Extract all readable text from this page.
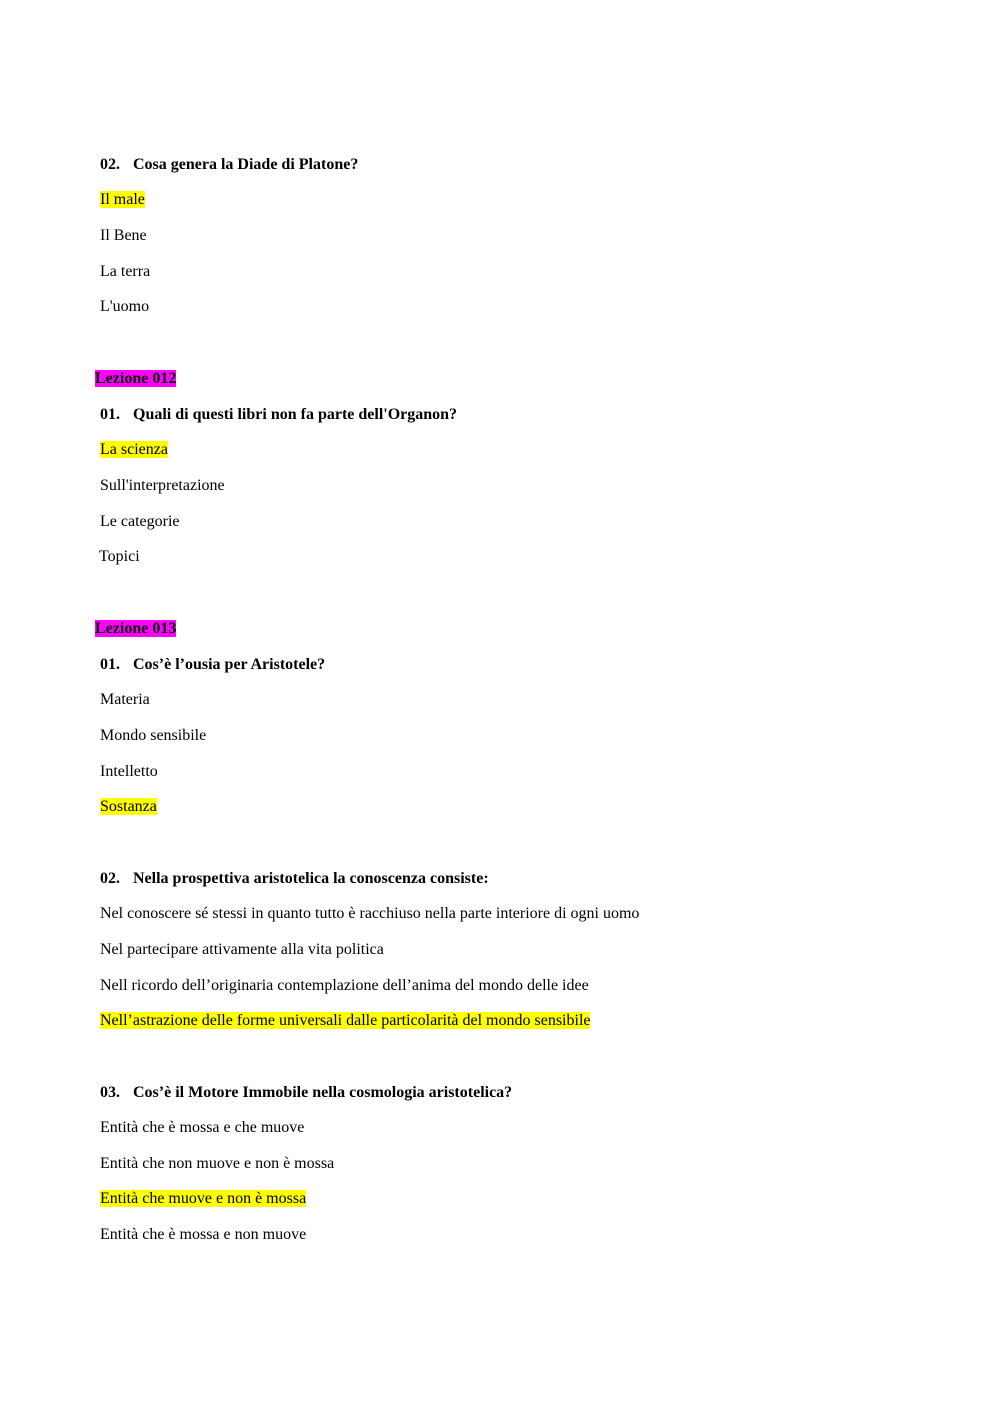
02. Cosa genera la Diade di Platone?
Il male
Il Bene
La terra
L'uomo
Lezione 012
01. Quali di questi libri non fa parte dell'Organon?
La scienza
Sull'interpretazione
Le categorie
Topici
Lezione 013
01. Cos’è l’ousia per Aristotele?
Materia
Mondo sensibile
Intelletto
Sostanza
02. Nella prospettiva aristotelica la conoscenza consiste:
Nel conoscere sé stessi in quanto tutto è racchiuso nella parte interiore di ogni uomo
Nel partecipare attivamente alla vita politica
Nell ricordo dell’originaria contemplazione dell’anima del mondo delle idee
Nell’astrazione delle forme universali dalle particolarità del mondo sensibile
03. Cos’è il Motore Immobile nella cosmologia aristotelica?
Entità che è mossa e che muove
Entità che non muove e non è mossa
Entità che muove e non è mossa
Entità che è mossa e non muove
